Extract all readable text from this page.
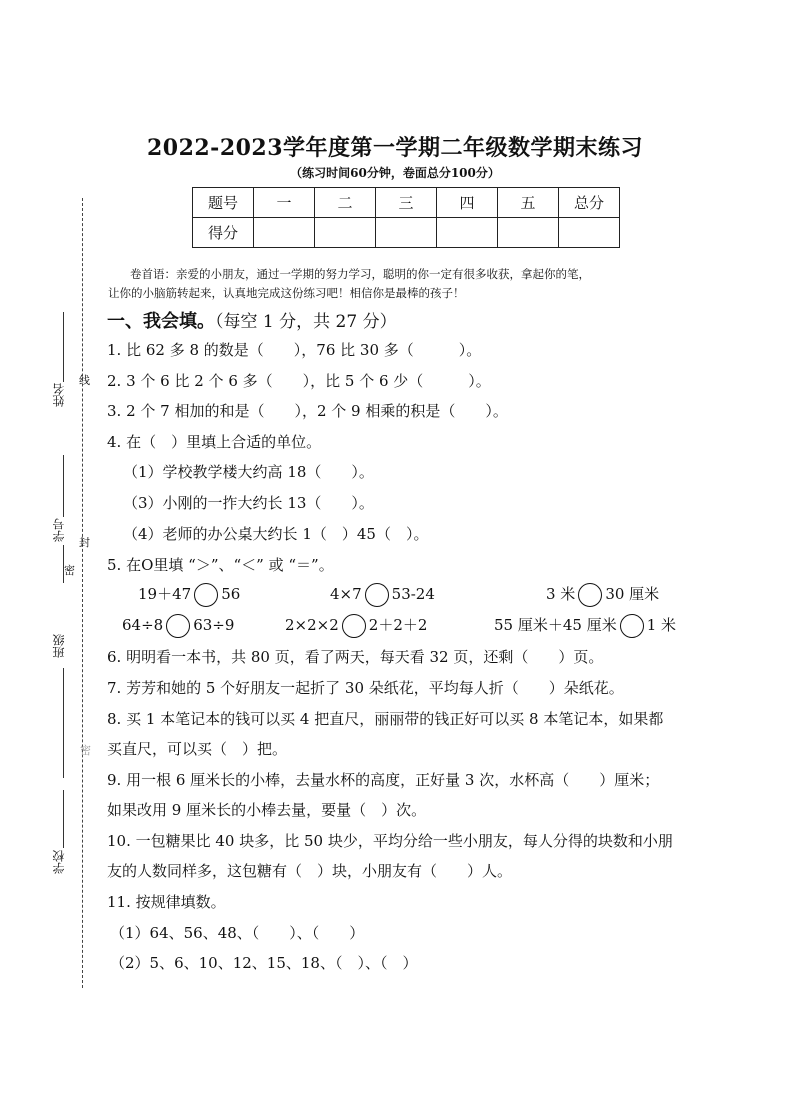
姓名
学号
班级
学校
线
封
密
密
2022-2023学年度第一学期二年级数学期末练习
（练习时间60分钟，卷面总分100分）
题号	一	二	三	四	五	总分
得分						
卷首语：亲爱的小朋友，通过一学期的努力学习，聪明的你一定有很多收获，拿起你的笔，
让你的小脑筋转起来，认真地完成这份练习吧！相信你是最棒的孩子！
一、我会填。（每空 1 分，共 27 分）
1. 比 62 多 8 的数是（　　），76 比 30 多（　　　）。
2. 3 个 6 比 2 个 6 多（　　），比 5 个 6 少（　　　）。
3. 2 个 7 相加的和是（　　），2 个 9 相乘的积是（　　）。
4. 在（　）里填上合适的单位。
（1）学校教学楼大约高 18（　　）。
（3）小刚的一拃大约长 13（　　）。
（4）老师的办公桌大约长 1（　）45（　）。
5. 在O里填 “＞”、“＜” 或 “＝”。
19＋47 56	4×7 53-24	3 米 30 厘米
64÷8 63÷9	2×2×2 2＋2＋2	55 厘米＋45 厘米 1 米
6. 明明看一本书，共 80 页，看了两天，每天看 32 页，还剩（　　）页。
7. 芳芳和她的 5 个好朋友一起折了 30 朵纸花，平均每人折（　　）朵纸花。
8. 买 1 本笔记本的钱可以买 4 把直尺，丽丽带的钱正好可以买 8 本笔记本，如果都
买直尺，可以买（　）把。
9. 用一根 6 厘米长的小棒，去量水杯的高度，正好量 3 次，水杯高（　　）厘米；
如果改用 9 厘米长的小棒去量，要量（　）次。
10. 一包糖果比 40 块多，比 50 块少，平均分给一些小朋友，每人分得的块数和小朋
友的人数同样多，这包糖有（　）块，小朋友有（　　）人。
11. 按规律填数。
（1）64、56、48、（　　）、（　　）
（2）5、6、10、12、15、18、（　）、（　）
